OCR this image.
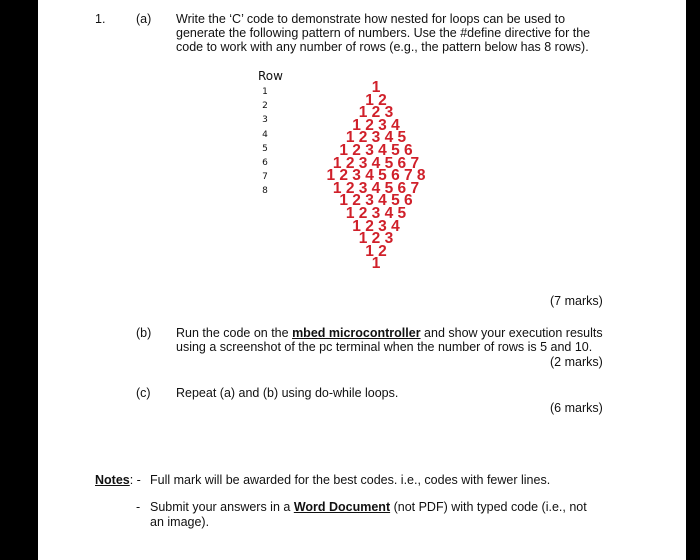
1. (a) Write the ‘C’ code to demonstrate how nested for loops can be used to
generate the following pattern of numbers. Use the #define directive for the
code to work with any number of rows (e.g., the pattern below has 8 rows).
Row
(7 marks)
(b) Run the code on the mbed microcontroller and show your execution results
using a screenshot of the pc terminal when the number of rows is 5 and 10.
(2 marks)
(c) Repeat (a) and (b) using do-while loops.
(6 marks)
Notes: - Full mark will be awarded for the best codes. i.e., codes with fewer lines.
- Submit your answers in a Word Document (not PDF) with typed code (i.e., not
an image).
1
2
3
4
5
6
7
8
1
1 2
1 2 3
1 2 3 4
1 2 3 4 5
1 2 3 4 5 6
1 2 3 4 5 6 7
1 2 3 4 5 6 7 8
1 2 3 4 5 6 7
1 2 3 4 5 6
1 2 3 4 5
1 2 3 4
1 2 3
1 2
1
